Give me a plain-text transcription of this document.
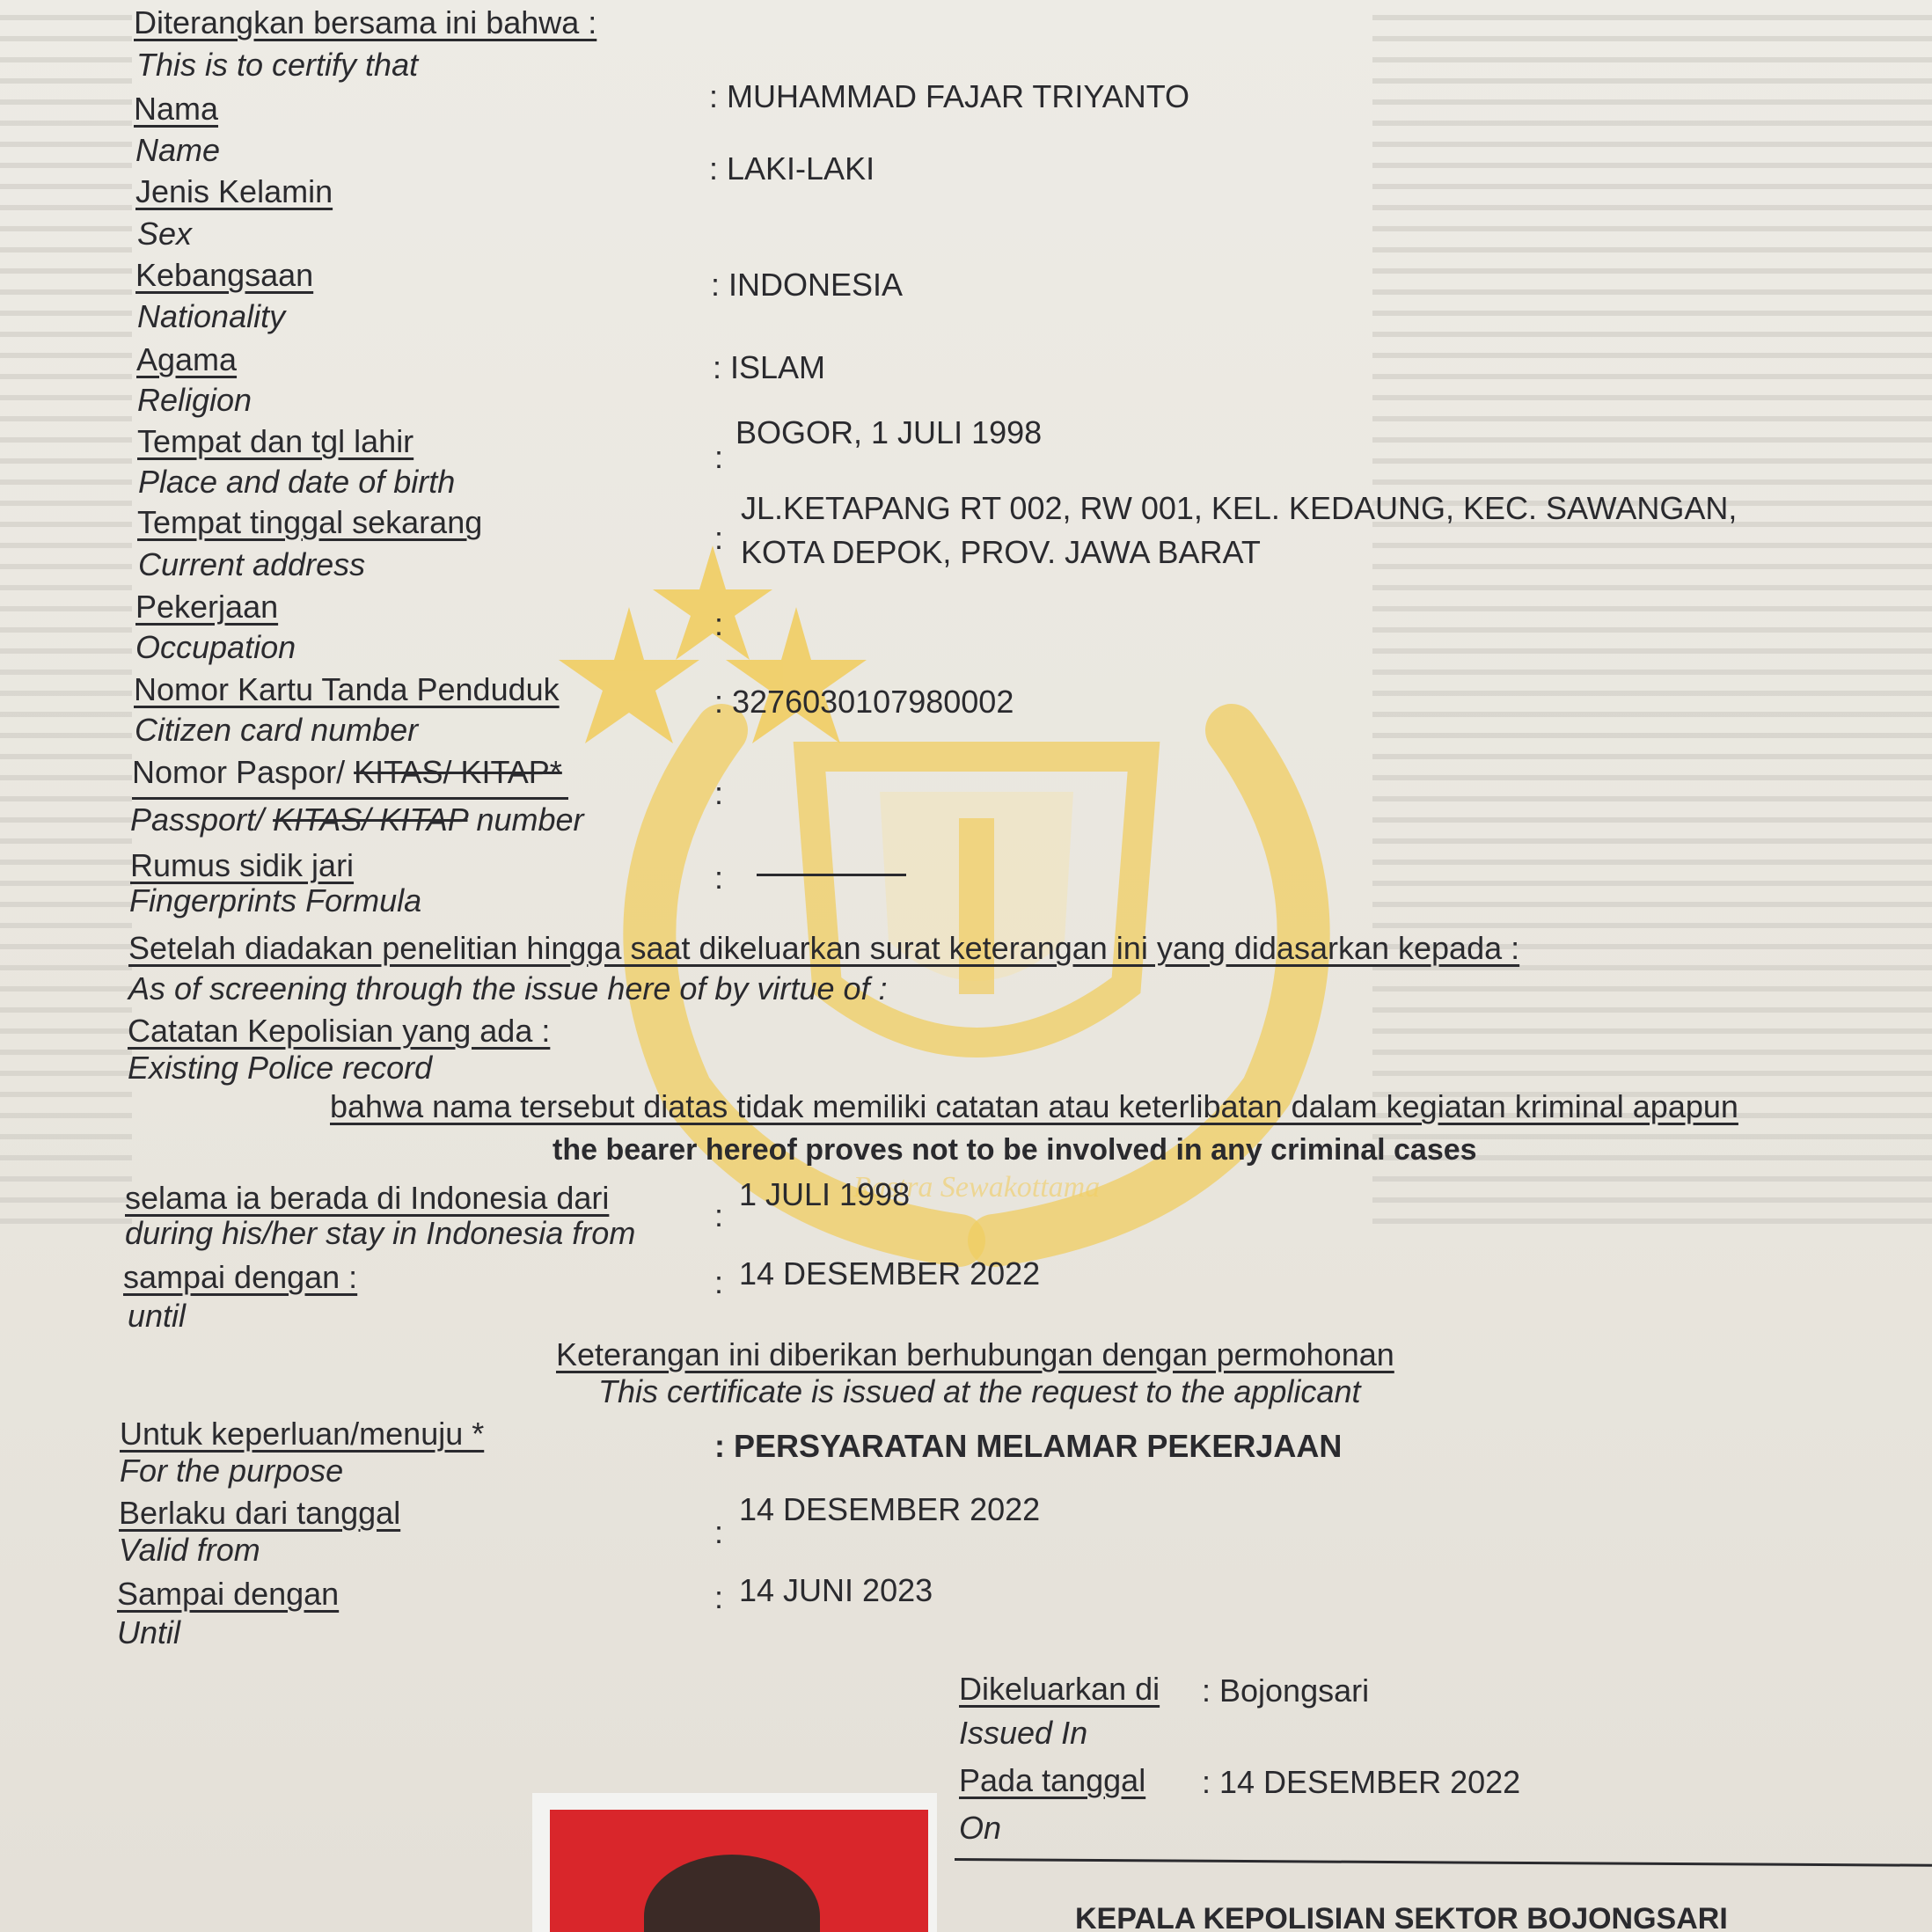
Rastra Sewakottama
Diterangkan bersama ini bahwa :
This is to certify that
Nama
Name
: MUHAMMAD FAJAR TRIYANTO
Jenis Kelamin
Sex
: LAKI-LAKI
Kebangsaan
Nationality
: INDONESIA
Agama
Religion
: ISLAM
Tempat dan tgl lahir
Place and date of birth
:
BOGOR, 1 JULI 1998
Tempat tinggal sekarang
Current address
:
JL.KETAPANG RT 002, RW 001, KEL. KEDAUNG, KEC. SAWANGAN,
KOTA DEPOK, PROV. JAWA BARAT
Pekerjaan
Occupation
:
Nomor Kartu Tanda Penduduk
Citizen card number
: 3276030107980002
Nomor Paspor/ KITAS/ KITAP*
Passport/ KITAS/ KITAP number
:
Rumus sidik jari
Fingerprints Formula
:
Setelah diadakan penelitian hingga saat dikeluarkan surat keterangan ini yang didasarkan kepada :
As of screening through the issue here of by virtue of :
Catatan Kepolisian yang ada :
Existing Police record
bahwa nama tersebut diatas tidak memiliki catatan atau keterlibatan dalam kegiatan kriminal apapun
the bearer hereof proves not to be involved in any criminal cases
selama ia berada di Indonesia dari
during his/her stay in Indonesia from :
1 JULI 1998
sampai dengan :
until
: 14 DESEMBER 2022
Keterangan ini diberikan berhubungan dengan permohonan
This certificate is issued at the request to the applicant
Untuk keperluan/menuju *
For the purpose
: PERSYARATAN MELAMAR PEKERJAAN
Berlaku dari tanggal
Valid from	:
14 DESEMBER 2022
Sampai dengan
Until
: 14 JUNI 2023
Dikeluarkan di
Issued In
: Bojongsari
Pada tanggal
On
: 14 DESEMBER 2022
KEPALA KEPOLISIAN SEKTOR BOJONGSARI
